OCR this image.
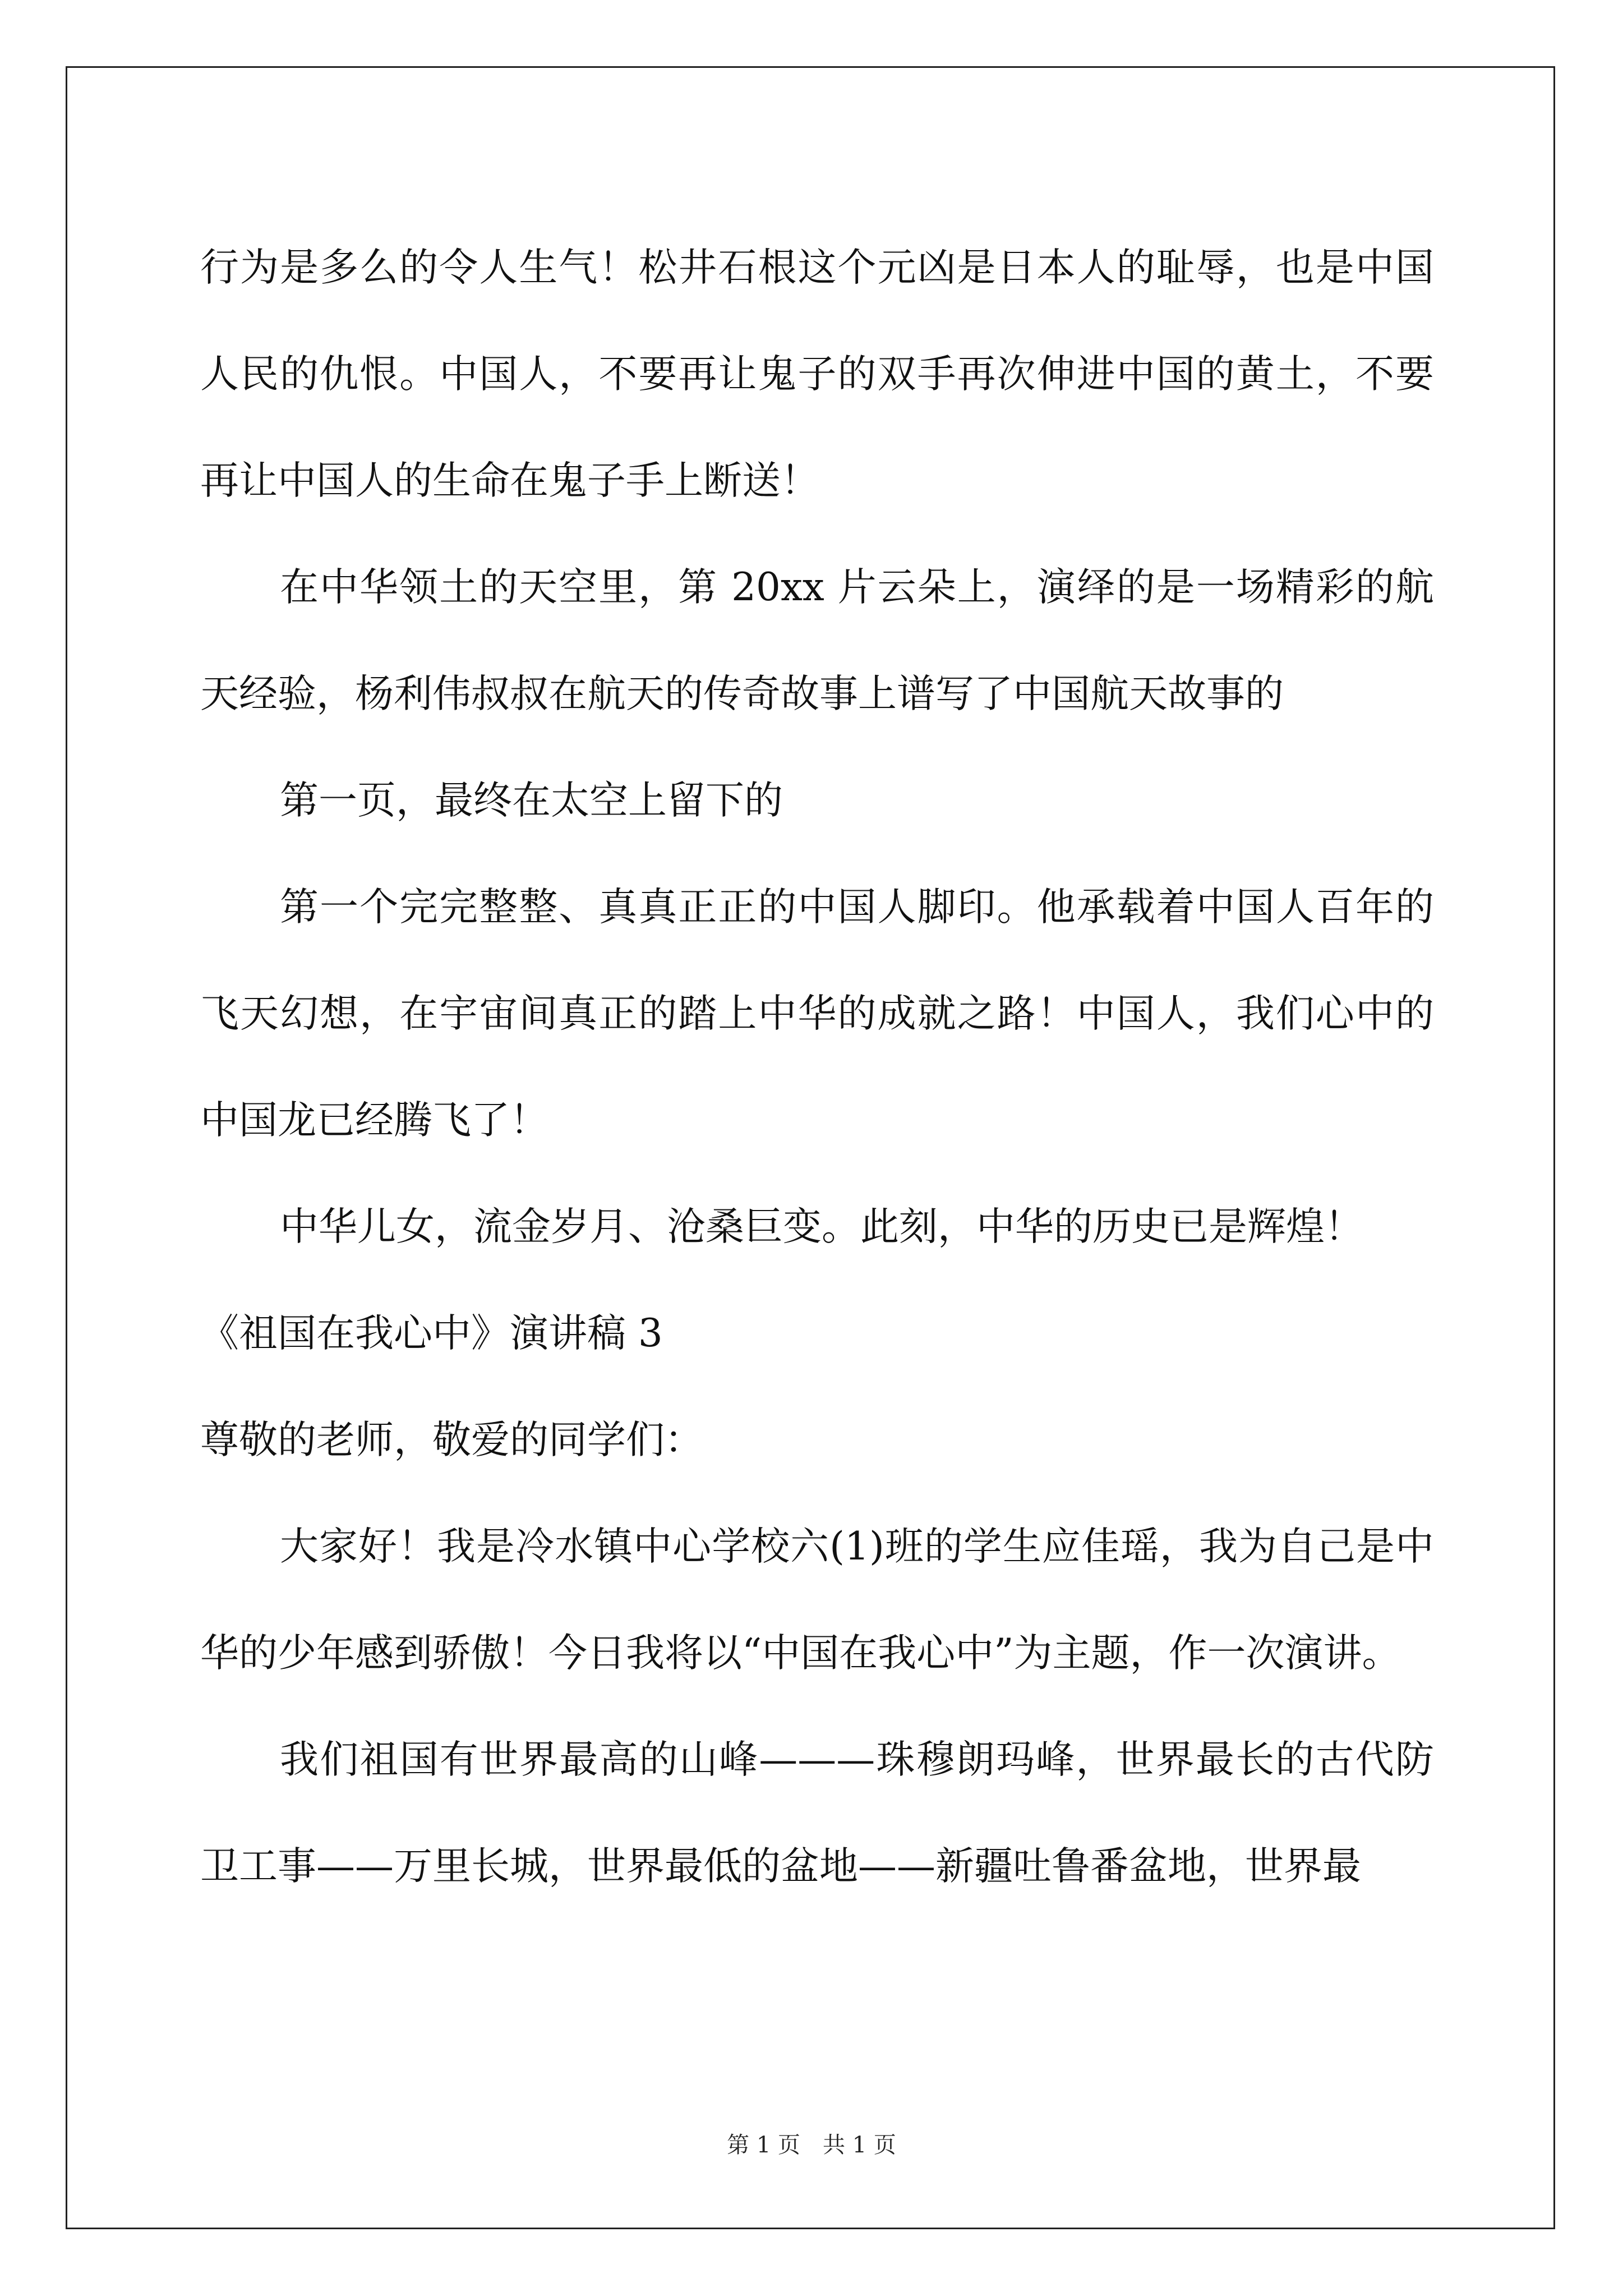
行为是多么的令人生气！松井石根这个元凶是日本人的耻辱，也是中国人民的仇恨。中国人，不要再让鬼子的双手再次伸进中国的黄土，不要再让中国人的生命在鬼子手上断送！

在中华领土的天空里，第 20xx 片云朵上，演绎的是一场精彩的航天经验，杨利伟叔叔在航天的传奇故事上谱写了中国航天故事的

第一页，最终在太空上留下的

第一个完完整整、真真正正的中国人脚印。他承载着中国人百年的飞天幻想，在宇宙间真正的踏上中华的成就之路！中国人，我们心中的中国龙已经腾飞了！

中华儿女，流金岁月、沧桑巨变。此刻，中华的历史已是辉煌！

《祖国在我心中》演讲稿 3

尊敬的老师，敬爱的同学们：

大家好！我是冷水镇中心学校六(1)班的学生应佳瑶，我为自己是中华的少年感到骄傲！今日我将以“中国在我心中”为主题，作一次演讲。

我们祖国有世界最高的山峰———珠穆朗玛峰，世界最长的古代防卫工事——万里长城，世界最低的盆地——新疆吐鲁番盆地，世界最

第 1 页　共 1 页
